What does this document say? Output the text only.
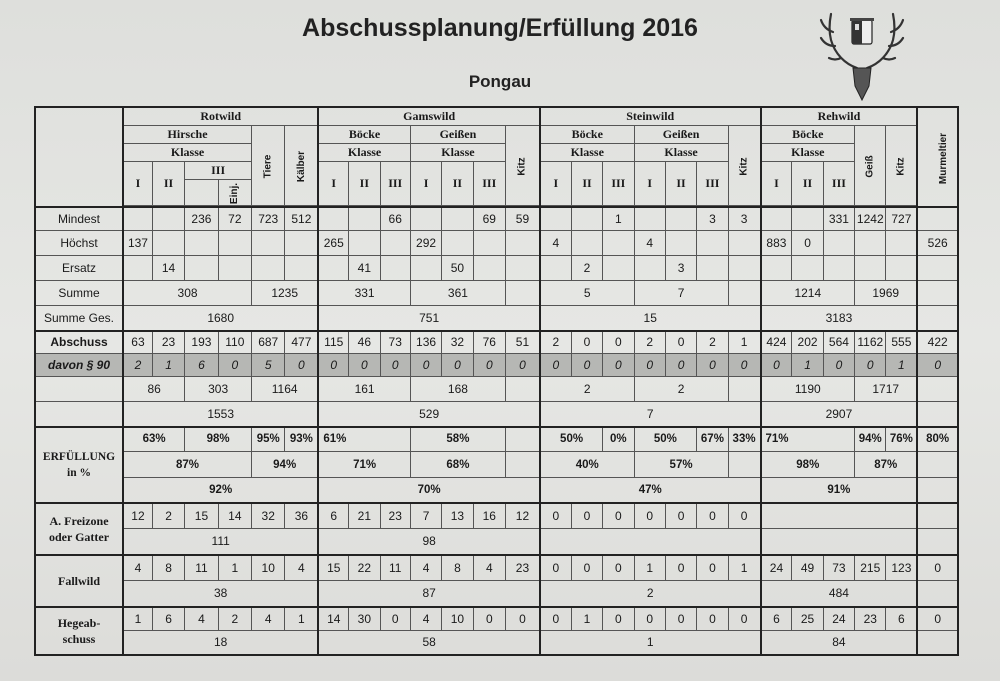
Abschussplanung/Erfüllung 2016
Pongau
	Rotwild						Gamswild							Steinwild							Rehwild					Murmeltier
	Hirsche				Tiere	Kälber	Böcke			Geißen			Kitz	Böcke			Geißen			Kitz	Böcke			Geiß	Kitz	
	Klasse						Klasse			Klasse				Klasse			Klasse				Klasse					
	I	II	III				I	II	III	I	II	III		I	II	III	I	II	III		I	II	III			
				Einj.																						

Mindest			236	72	723	512			66			69	59			1			3	3			331	1242	727	
Höchst	137						265			292				4			4				883	0				526
Ersatz		14						41			50				2			3								
Summe	308				1235		331			361				5			7				1214			1969		
Summe Ges.	1680						751							15							3183					
Abschuss	63	23	193	110	687	477	115	46	73	136	32	76	51	2	0	0	2	0	2	1	424	202	564	1162	555	422
davon § 90	2	1	6	0	5	0	0	0	0	0	0	0	0	0	0	0	0	0	0	0	0	1	0	0	1	0
	86		303		1164		161			168				2			2				1190			1717		
	1553						529							7							2907					
ERFÜLLUNG
in %	63%		98%		95%	93%	61%			58%				50%		0%	50%		67%	33%	71%			94%	76%	80%
	87%				94%		71%			68%				40%			57%				98%			87%		
	92%						70%							47%							91%					
A. Freizone
oder Gatter	12	2	15	14	32	36	6	21	23	7	13	16	12	0	0	0	0	0	0	0						
	111						98																			
Fallwild	4	8	11	1	10	4	15	22	11	4	8	4	23	0	0	0	1	0	0	1	24	49	73	215	123	0
	38						87							2							484					
Hegeab-
schuss	1	6	4	2	4	1	14	30	0	4	10	0	0	0	1	0	0	0	0	0	6	25	24	23	6	0
	18						58							1							84					
